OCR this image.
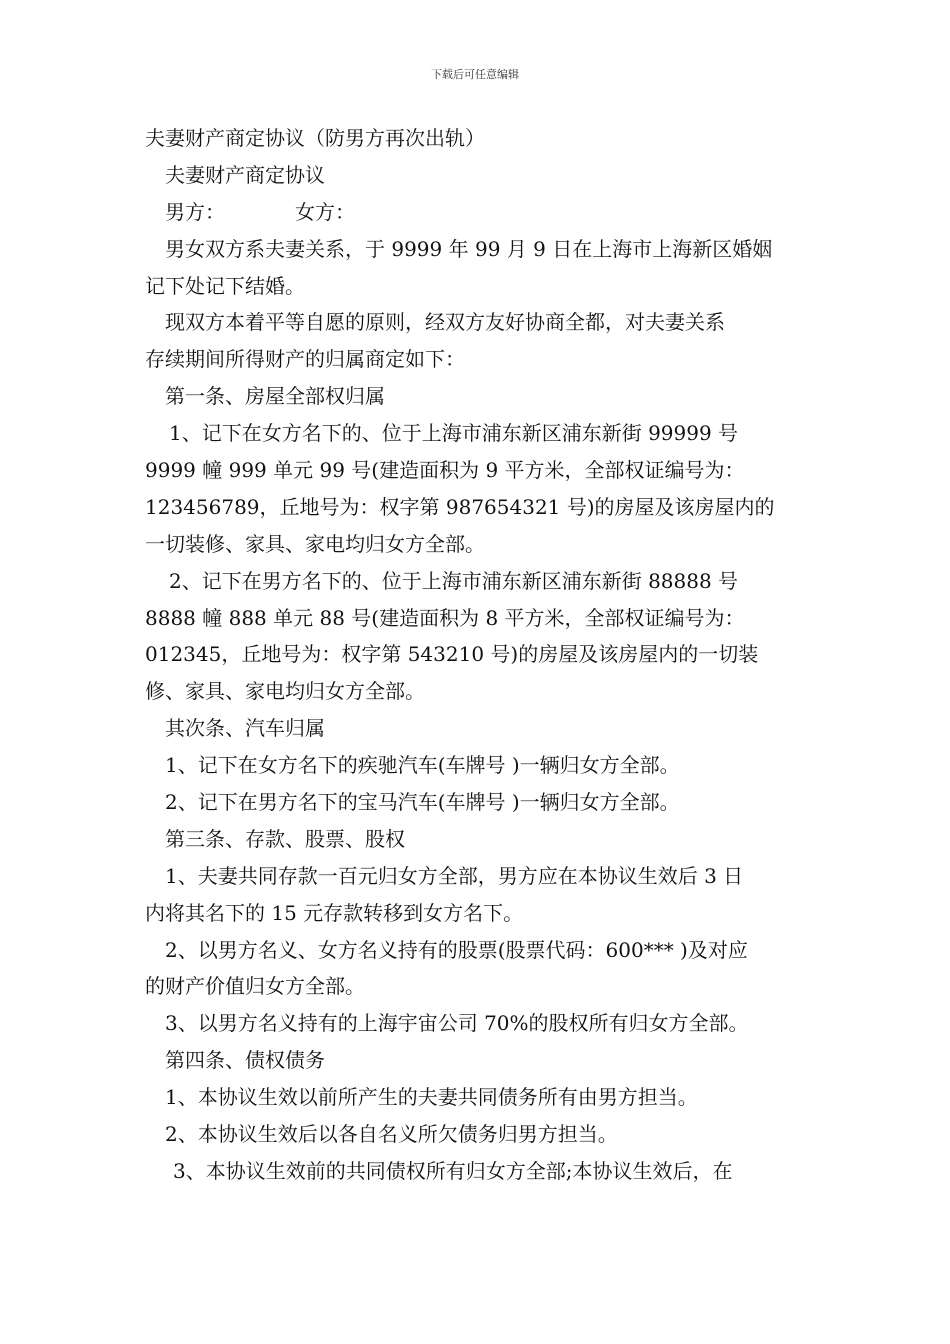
下载后可任意编辑
夫妻财产商定协议（防男方再次出轨）
夫妻财产商定协议
男方：　　　　女方：
男女双方系夫妻关系，于 9999 年 99 月 9 日在上海市上海新区婚姻
记下处记下结婚。
现双方本着平等自愿的原则，经双方友好协商全都，对夫妻关系
存续期间所得财产的归属商定如下：
第一条、房屋全部权归属
1、记下在女方名下的、位于上海市浦东新区浦东新街 99999 号
9999 幢 999 单元 99 号(建造面积为 9 平方米，全部权证编号为：
123456789，丘地号为：权字第 987654321 号)的房屋及该房屋内的
一切装修、家具、家电均归女方全部。
2、记下在男方名下的、位于上海市浦东新区浦东新街 88888 号
8888 幢 888 单元 88 号(建造面积为 8 平方米，全部权证编号为：
012345，丘地号为：权字第 543210 号)的房屋及该房屋内的一切装
修、家具、家电均归女方全部。
其次条、汽车归属
1、记下在女方名下的疾驰汽车(车牌号 )一辆归女方全部。
2、记下在男方名下的宝马汽车(车牌号 )一辆归女方全部。
第三条、存款、股票、股权
1、夫妻共同存款一百元归女方全部，男方应在本协议生效后 3 日
内将其名下的 15 元存款转移到女方名下。
2、以男方名义、女方名义持有的股票(股票代码：600*** )及对应
的财产价值归女方全部。
3、以男方名义持有的上海宇宙公司 70%的股权所有归女方全部。
第四条、债权债务
1、本协议生效以前所产生的夫妻共同债务所有由男方担当。
2、本协议生效后以各自名义所欠债务归男方担当。
3、本协议生效前的共同债权所有归女方全部;本协议生效后，在
